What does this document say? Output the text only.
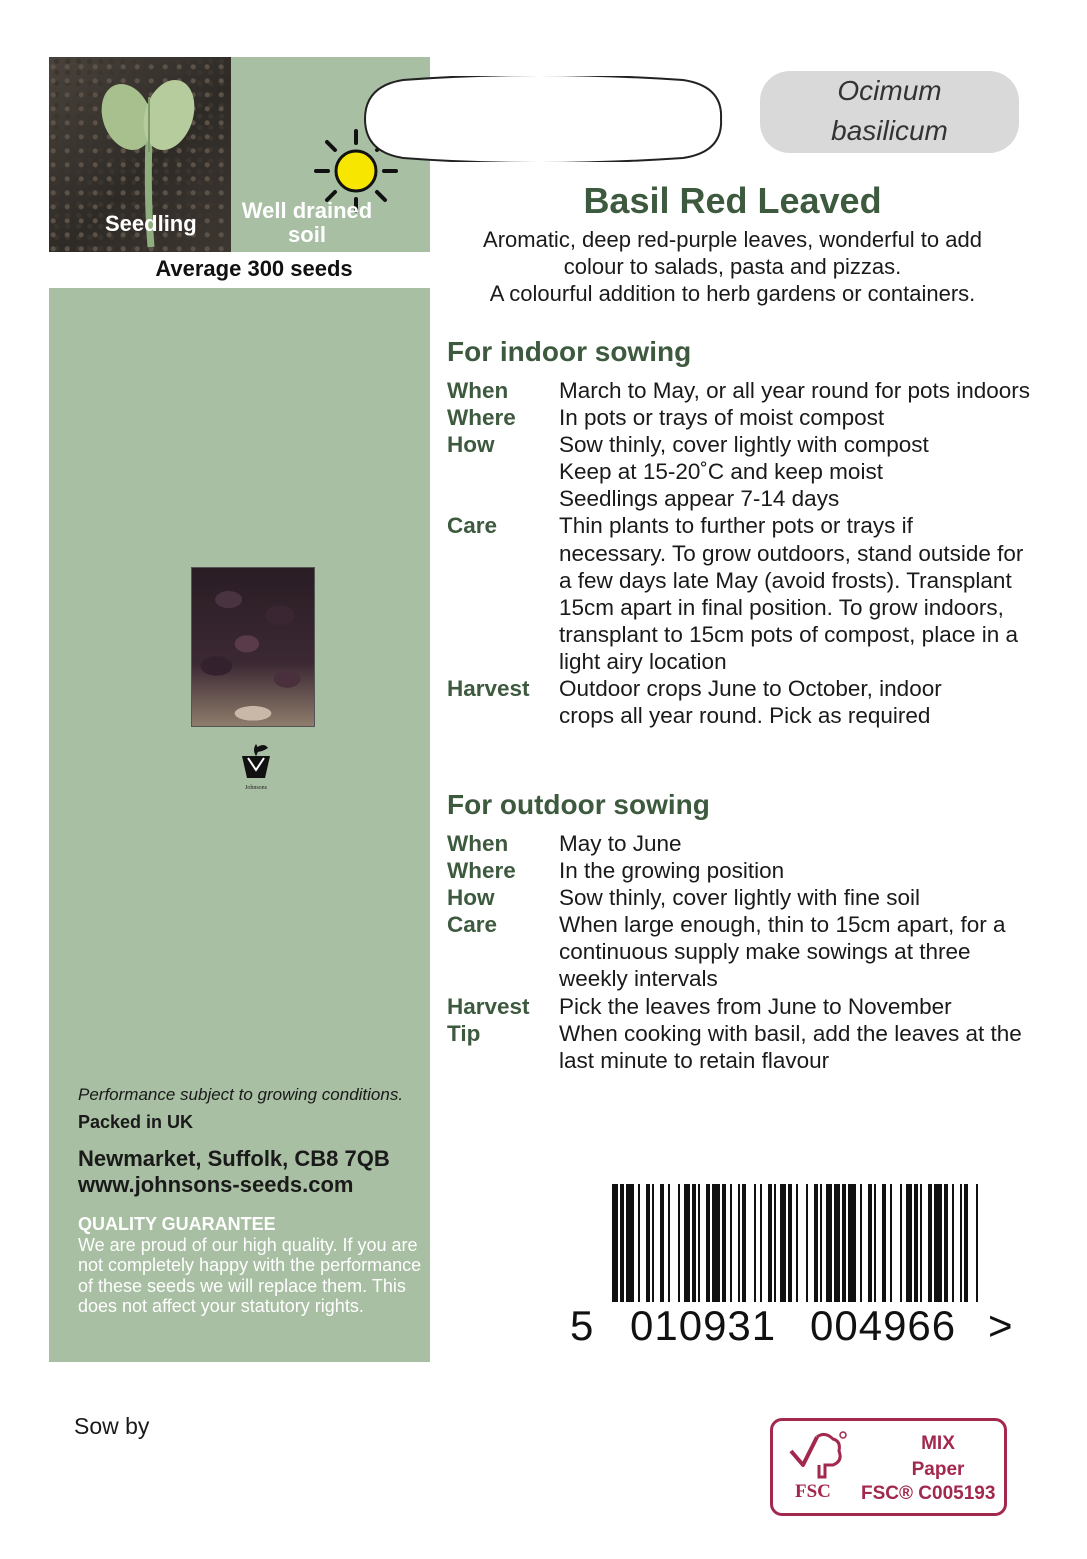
Seedling
Well drained
soil
Average 300 seeds
Johnsons
Performance subject to growing conditions.
Packed in UK
Newmarket, Suffolk, CB8 7QB
www.johnsons-seeds.com
QUALITY GUARANTEE
We are proud of our high quality. If you are not completely happy with the performance of these seeds we will replace them. This does not affect your statutory rights.
Sow by
Ocimum
basilicum
Basil Red Leaved
Aromatic, deep red-purple leaves, wonderful to add
colour to salads, pasta and pizzas.
A colourful addition to herb gardens or containers.
For indoor sowing
When	March to May, or all year round for pots indoors
Where	In pots or trays of moist compost
How	Sow thinly, cover lightly with compost Keep at 15-20˚C and keep moist Seedlings appear 7-14 days
Care	Thin plants to further pots or trays if necessary. To grow outdoors, stand outside for a few days late May (avoid frosts). Transplant 15cm apart in final position. To grow indoors, transplant to 15cm pots of compost, place in a light airy location
Harvest	Outdoor crops June to October, indoor crops all year round. Pick as required
For outdoor sowing
When	May to June
Where	In the growing position
How	Sow thinly, cover lightly with fine soil
Care	When large enough, thin to 15cm apart, for a continuous supply make sowings at three weekly intervals
Harvest	Pick the leaves from June to November
Tip	When cooking with basil, add the leaves at the last minute to retain flavour
5 010931 004966 >
FSC
MIX
Paper
FSC® C005193
